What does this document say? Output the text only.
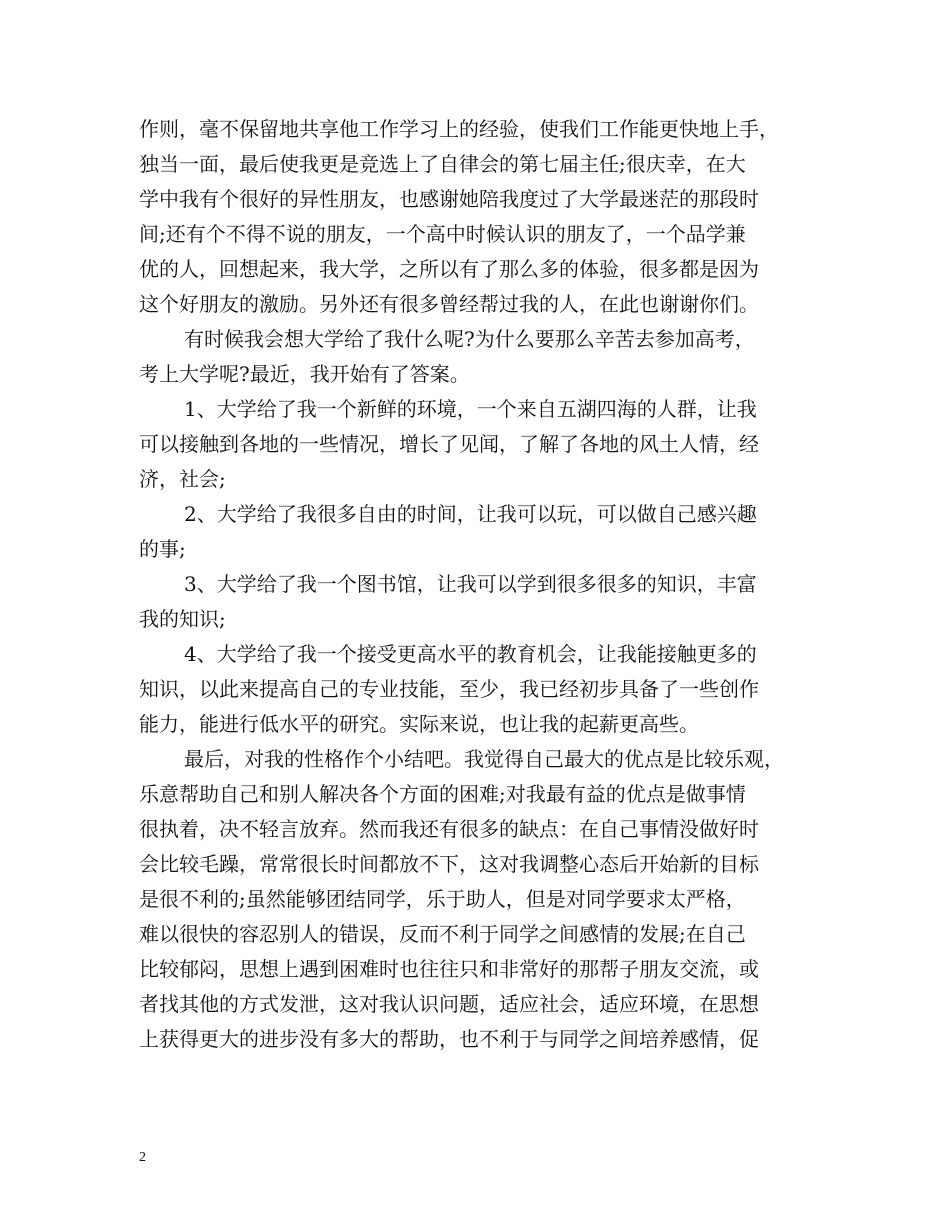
作则，毫不保留地共享他工作学习上的经验，使我们工作能更快地上手，
独当一面，最后使我更是竞选上了自律会的第七届主任;很庆幸，在大
学中我有个很好的异性朋友，也感谢她陪我度过了大学最迷茫的那段时
间;还有个不得不说的朋友，一个高中时候认识的朋友了，一个品学兼
优的人，回想起来，我大学，之所以有了那么多的体验，很多都是因为
这个好朋友的激励。另外还有很多曾经帮过我的人，在此也谢谢你们。
有时候我会想大学给了我什么呢?为什么要那么辛苦去参加高考，
考上大学呢?最近，我开始有了答案。
1、大学给了我一个新鲜的环境，一个来自五湖四海的人群，让我
可以接触到各地的一些情况，增长了见闻，了解了各地的风土人情，经
济，社会;
2、大学给了我很多自由的时间，让我可以玩，可以做自己感兴趣
的事;
3、大学给了我一个图书馆，让我可以学到很多很多的知识，丰富
我的知识;
4、大学给了我一个接受更高水平的教育机会，让我能接触更多的
知识，以此来提高自己的专业技能，至少，我已经初步具备了一些创作
能力，能进行低水平的研究。实际来说，也让我的起薪更高些。
最后，对我的性格作个小结吧。我觉得自己最大的优点是比较乐观，
乐意帮助自己和别人解决各个方面的困难;对我最有益的优点是做事情
很执着，决不轻言放弃。然而我还有很多的缺点：在自己事情没做好时
会比较毛躁，常常很长时间都放不下，这对我调整心态后开始新的目标
是很不利的;虽然能够团结同学，乐于助人，但是对同学要求太严格，
难以很快的容忍别人的错误，反而不利于同学之间感情的发展;在自己
比较郁闷，思想上遇到困难时也往往只和非常好的那帮子朋友交流，或
者找其他的方式发泄，这对我认识问题，适应社会，适应环境，在思想
上获得更大的进步没有多大的帮助，也不利于与同学之间培养感情，促
2
